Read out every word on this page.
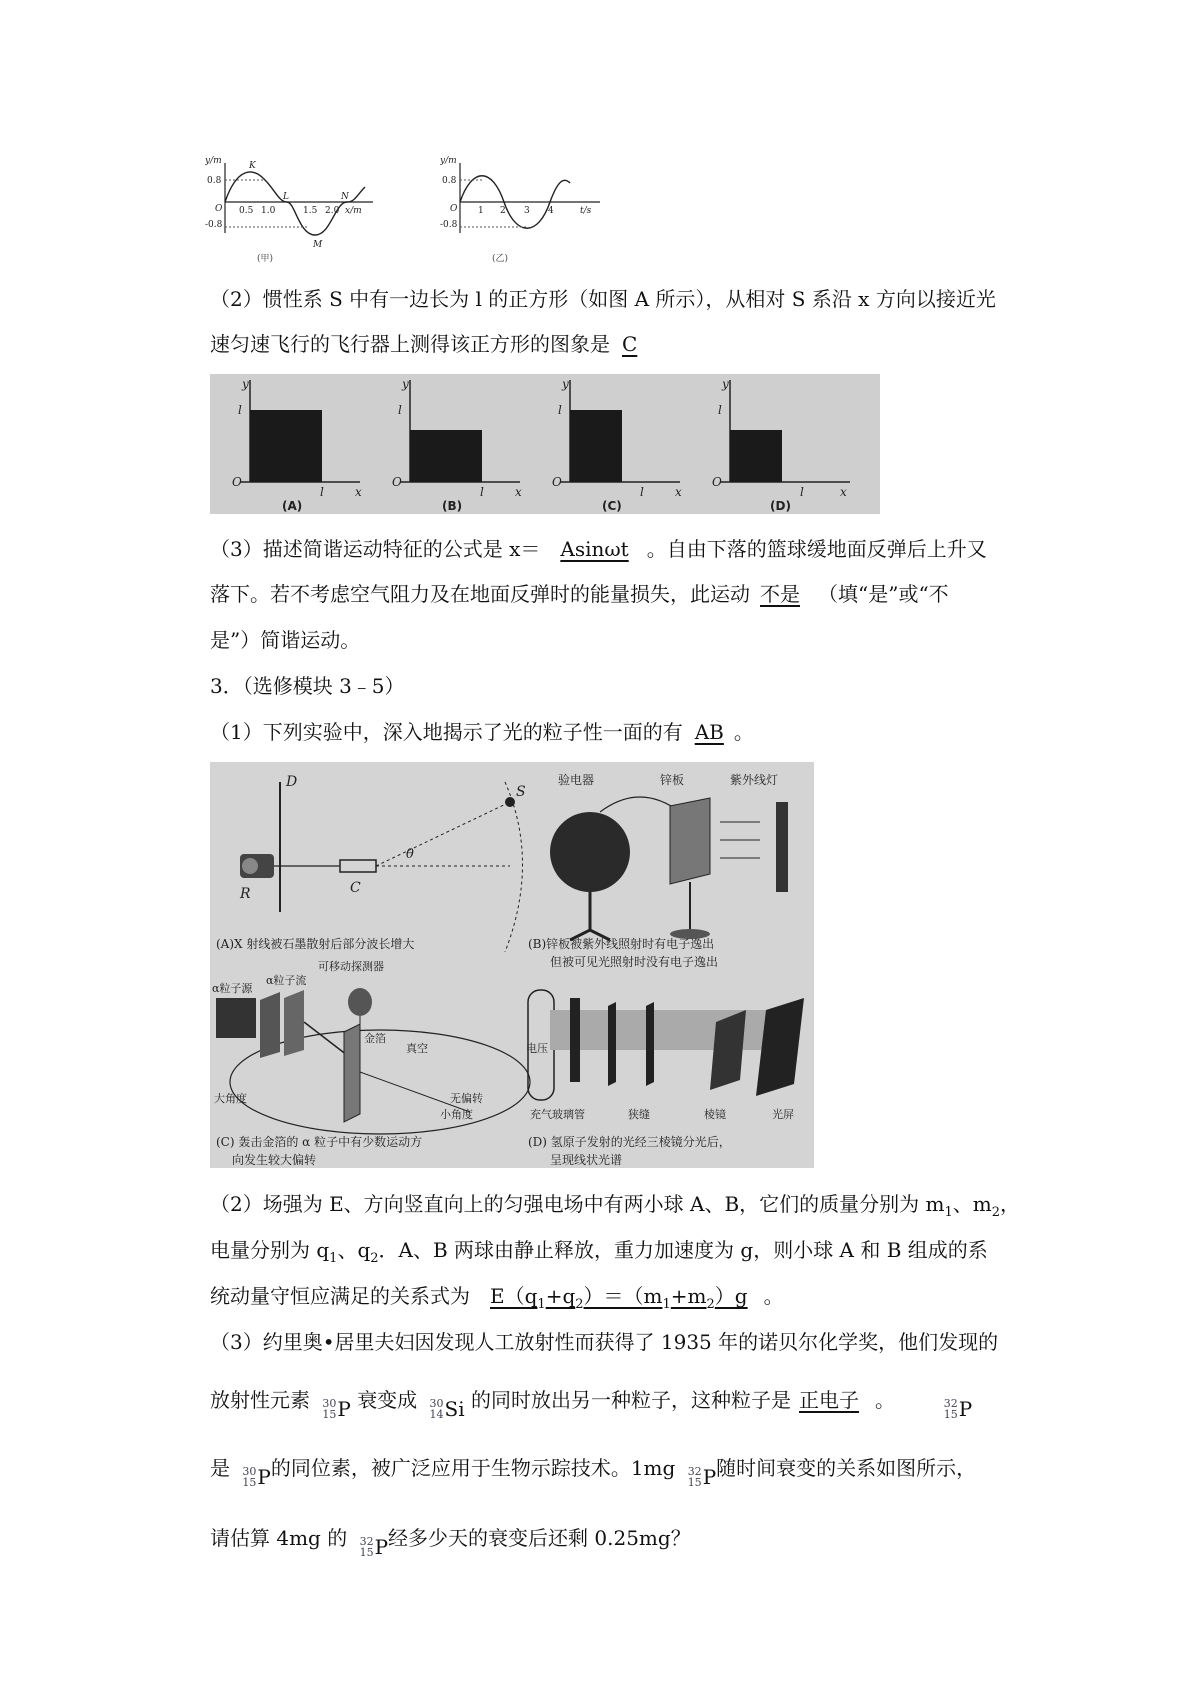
y/m
0.8
-0.8
O 0.5 1.0	1.5 2.0 x/m
K
L
M
N
(甲)
y/m
0.8
-0.8
O 1 2 3 4	t/s
(乙)
（2）惯性系 S 中有一边长为 l 的正方形（如图 A 所示），从相对 S 系沿 x 方向以接近光
速匀速飞行的飞行器上测得该正方形的图象是 C
y
l
O
l	x
(A)
y
l
O
l	x
(B)
y
l
O
l	x
(C)
y
l
O
l	x
(D)
（3）描述简谐运动特征的公式是 x＝ Asinωt 。自由下落的篮球缓地面反弹后上升又
落下。若不考虑空气阻力及在地面反弹时的能量损失，此运动 不是 （填“是”或“不
是”）简谐运动。
3．（选修模块 3﹣5）
（1）下列实验中，深入地揭示了光的粒子性一面的有 AB 。
D
S
R	C
θ
(A)X 射线被石墨散射后部分波长增大
验电器	锌板	紫外线灯
(B)锌板被紫外线照射时有电子逸出
但被可见光照射时没有电子逸出
α粒子源
α粒子流
可移动探测器
金箔
真空
大角度	无偏转
小角度
(C) 轰击金箔的 α 粒子中有少数运动方
向发生较大偏转
电压
充气玻璃管	狭缝	棱镜	光屏
(D) 氢原子发射的光经三棱镜分光后，
呈现线状光谱
（2）场强为 E、方向竖直向上的匀强电场中有两小球 A、B，它们的质量分别为 $m_1$、$m_2$，
电量分别为 $q_1$、$q_2$．A、B 两球由静止释放，重力加速度为 g，则小球 A 和 B 组成的系
统动量守恒应满足的关系式为 $E(q_1+q_2)=(m_1+m_2)g$ 。
（3）约里奥•居里夫妇因发现人工放射性而获得了 1935 年的诺贝尔化学奖，他们发现的
放射性元素 30
15 P 衰变成 30
14 Si 的同时放出另一种粒子，这种粒子是 正电子 。	32
15 P
是 30
15 P 的同位素，被广泛应用于生物示踪技术。1mg 32
15 P 随时间衰变的关系如图所示，
请估算 4mg 的 32
15 P 经多少天的衰变后还剩 0.25mg？
